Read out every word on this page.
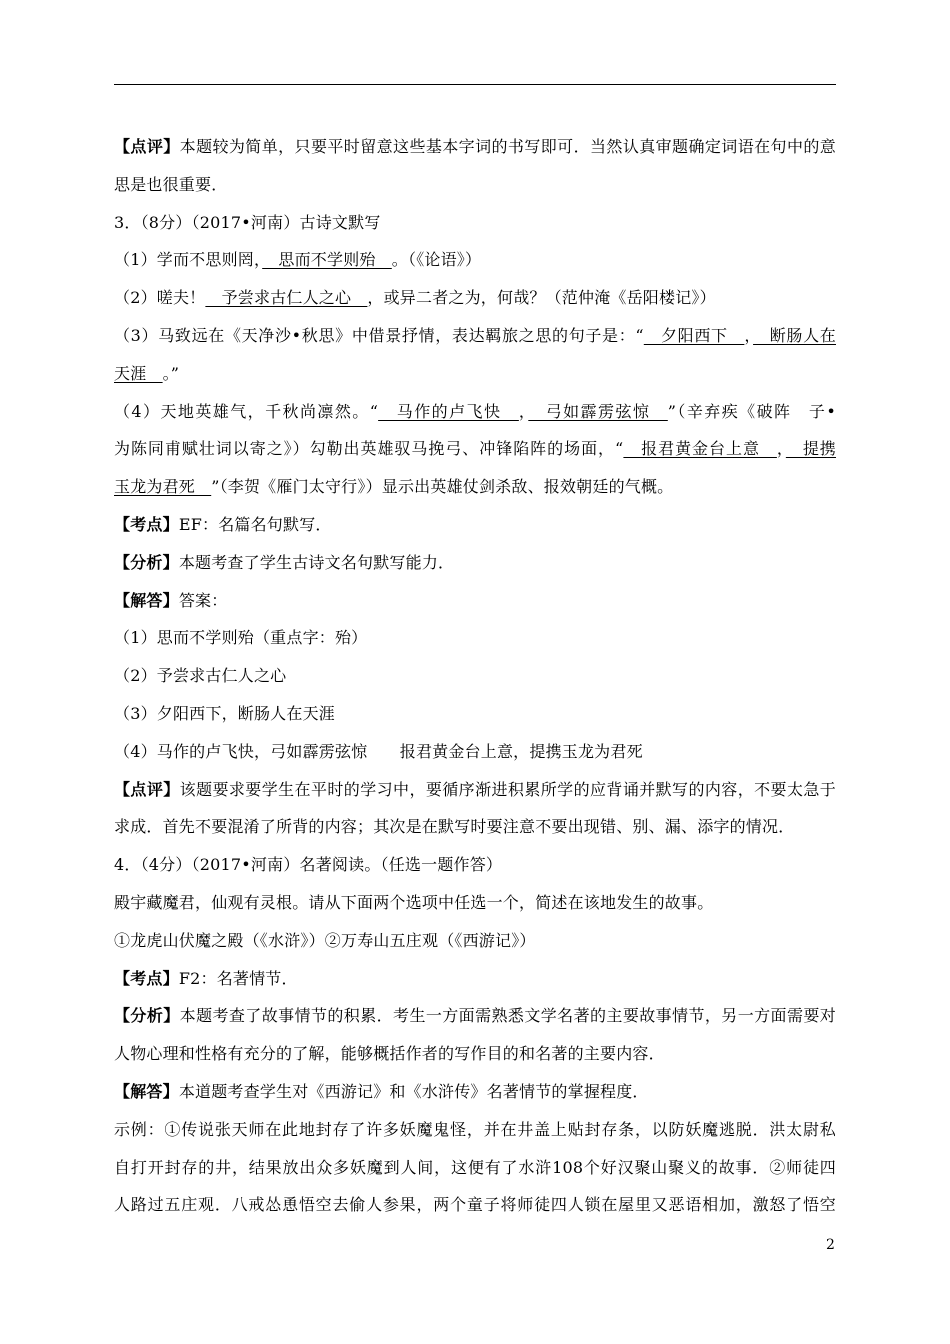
【点评】本题较为简单，只要平时留意这些基本字词的书写即可．当然认真审题确定词语在句中的意
思是也很重要．
3．（8分）（2017•河南）古诗文默写
（1）学而不思则罔，　思而不学则殆　。（《论语》）
（2）嗟夫！　予尝求古仁人之心　，或异二者之为，何哉？（范仲淹《岳阳楼记》）
（3）马致远在《天净沙•秋思》中借景抒情，表达羁旅之思的句子是：“　夕阳西下　，　断肠人在
天涯　。”
（4）天地英雄气，千秋尚凛然。“　马作的卢飞快　，　弓如霹雳弦惊　”（辛弃疾《破阵　子•
为陈同甫赋壮词以寄之》）勾勒出英雄驭马挽弓、冲锋陷阵的场面，“　报君黄金台上意　，　提携
玉龙为君死　”（李贺《雁门太守行》）显示出英雄仗剑杀敌、报效朝廷的气概。
【考点】EF：名篇名句默写．
【分析】本题考查了学生古诗文名句默写能力．
【解答】答案：
（1）思而不学则殆（重点字：殆）
（2）予尝求古仁人之心
（3）夕阳西下，断肠人在天涯
（4）马作的卢飞快，弓如霹雳弦惊　　报君黄金台上意，提携玉龙为君死
【点评】该题要求要学生在平时的学习中，要循序渐进积累所学的应背诵并默写的内容，不要太急于
求成．首先不要混淆了所背的内容；其次是在默写时要注意不要出现错、别、漏、添字的情况．
4．（4分）（2017•河南）名著阅读。（任选一题作答）
殿宇藏魔君，仙观有灵根。请从下面两个选项中任选一个，简述在该地发生的故事。
①龙虎山伏魔之殿（《水浒》）②万寿山五庄观（《西游记》）
【考点】F2：名著情节．
【分析】本题考查了故事情节的积累．考生一方面需熟悉文学名著的主要故事情节，另一方面需要对
人物心理和性格有充分的了解，能够概括作者的写作目的和名著的主要内容．
【解答】本道题考查学生对《西游记》和《水浒传》名著情节的掌握程度．
示例：①传说张天师在此地封存了许多妖魔鬼怪，并在井盖上贴封存条，以防妖魔逃脱．洪太尉私
自打开封存的井，结果放出众多妖魔到人间，这便有了水浒108个好汉聚山聚义的故事．②师徒四
人路过五庄观．八戒怂恿悟空去偷人参果，两个童子将师徒四人锁在屋里又恶语相加，激怒了悟空
2
